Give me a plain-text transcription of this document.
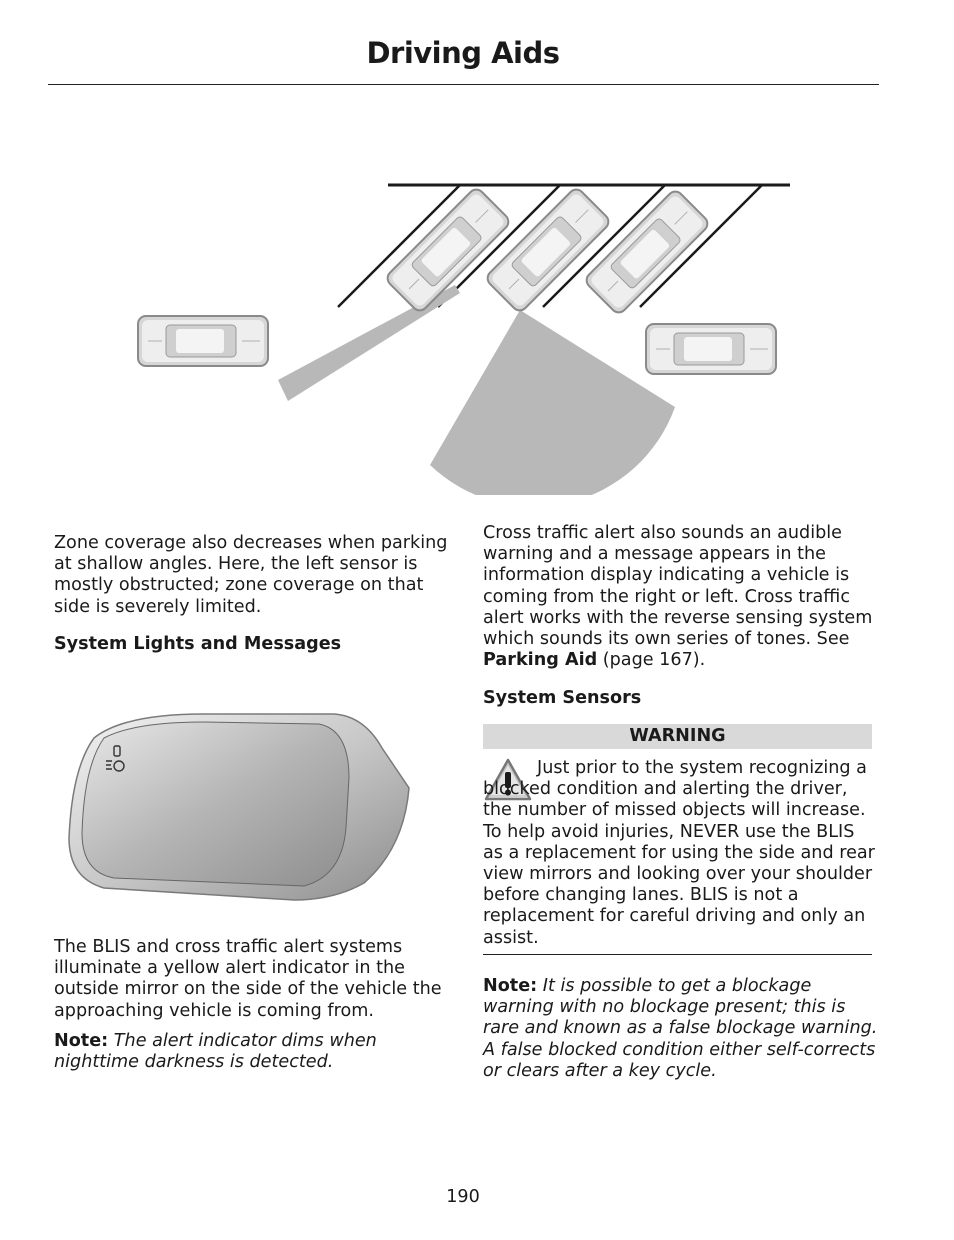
Driving Aids

Zone coverage also decreases when parking at shallow angles. Here, the left sensor is mostly obstructed; zone coverage on that side is severely limited.

System Lights and Messages

The BLIS and cross traffic alert systems illuminate a yellow alert indicator in the outside mirror on the side of the vehicle the approaching vehicle is coming from.

Note: The alert indicator dims when nighttime darkness is detected.

Cross traffic alert also sounds an audible warning and a message appears in the information display indicating a vehicle is coming from the right or left. Cross traffic alert works with the reverse sensing system which sounds its own series of tones. See Parking Aid (page 167).

System Sensors
WARNING

Just prior to the system recognizing a blocked condition and alerting the driver, the number of missed objects will increase. To help avoid injuries, NEVER use the BLIS as a replacement for using the side and rear view mirrors and looking over your shoulder before changing lanes. BLIS is not a replacement for careful driving and only an assist.

Note: It is possible to get a blockage warning with no blockage present; this is rare and known as a false blockage warning. A false blocked condition either self-corrects or clears after a key cycle.

190
